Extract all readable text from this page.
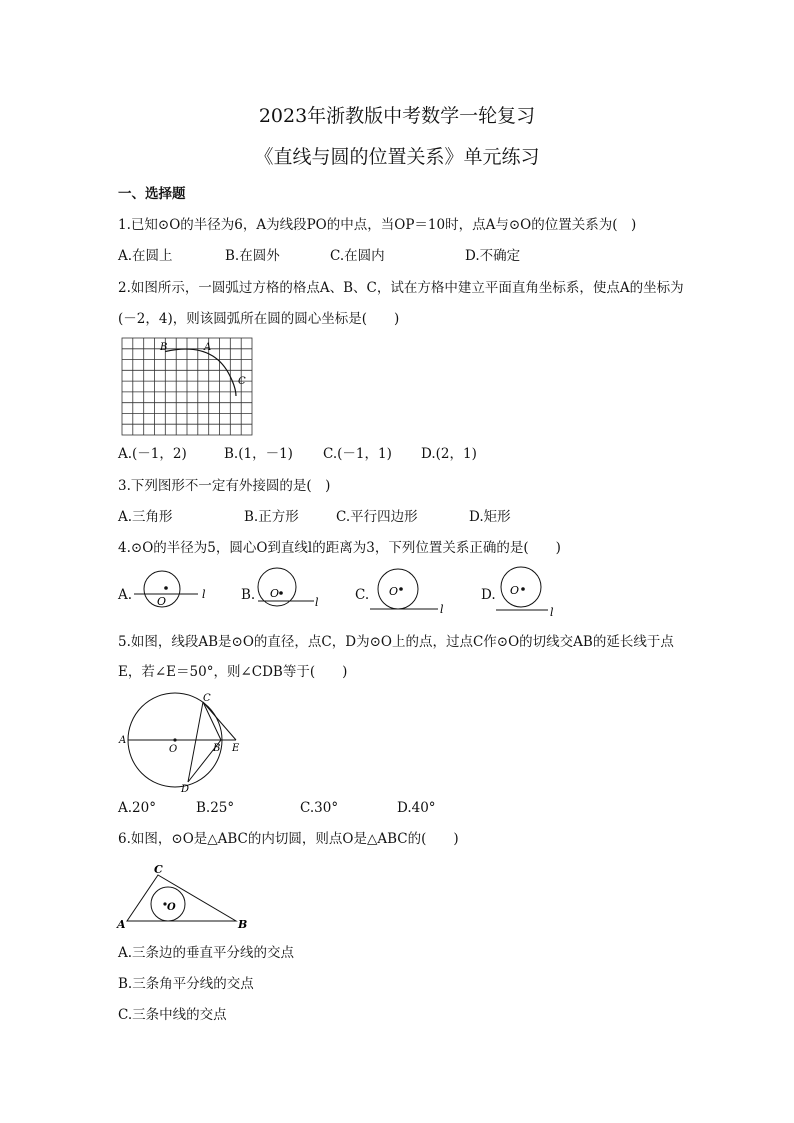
2023年浙教版中考数学一轮复习
《直线与圆的位置关系》单元练习
一、选择题
1.已知⊙O的半径为6，A为线段PO的中点，当OP＝10时，点A与⊙O的位置关系为(　)
A.在圆上	B.在圆外	C.在圆内	D.不确定
2.如图所示，一圆弧过方格的格点A、B、C，试在方格中建立平面直角坐标系，使点A的坐标为
(－2，4)，则该圆弧所在圆的圆心坐标是(　　)
B	A
C
A.(－1，2)	B.(1，－1) C.(－1，1) D.(2，1)
3.下列图形不一定有外接圆的是(　)
A.三角形	B.正方形	C.平行四边形	D.矩形
4.⊙O的半径为5，圆心O到直线l的距离为3，下列位置关系正确的是(　　)
A. O
l	B. O
l	C. O
l
D. O
l
5.如图，线段AB是⊙O的直径，点C，D为⊙O上的点，过点C作⊙O的切线交AB的延长线于点
E，若∠E＝50°，则∠CDB等于(　　)
A
O	B E
C
D
A.20°	B.25°	C.30°	D.40°
6.如图，⊙O是△ABC的内切圆，则点O是△ABC的(　　)
A	B
C
O
A.三条边的垂直平分线的交点
B.三条角平分线的交点
C.三条中线的交点
